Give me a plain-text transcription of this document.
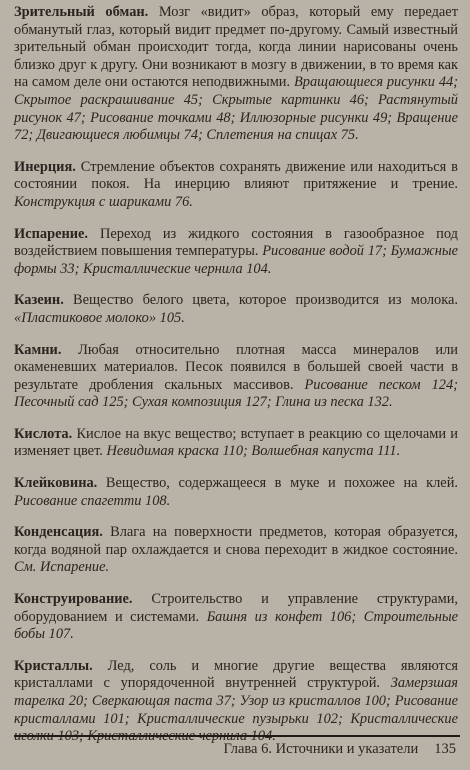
Зрительный обман. Мозг «видит» образ, который ему передает обманутый глаз, который видит предмет по-другому. Самый известный зрительный обман происходит тогда, когда линии нарисованы очень близко друг к другу. Они возникают в мозгу в движении, в то время как на самом деле они остаются неподвижными. Вращающиеся рисунки 44; Скрытое раскрашивание 45; Скрытые картинки 46; Растянутый рисунок 47; Рисование точками 48; Иллюзорные рисунки 49; Вращение 72; Двигающиеся любимцы 74; Сплетения на спицах 75.

Инерция. Стремление объектов сохранять движение или находиться в состоянии покоя. На инерцию влияют притяжение и трение. Конструкция с шариками 76.

Испарение. Переход из жидкого состояния в газообразное под воздействием повышения температуры. Рисование водой 17; Бумажные формы 33; Кристаллические чернила 104.

Казеин. Вещество белого цвета, которое производится из молока. «Пластиковое молоко» 105.

Камни. Любая относительно плотная масса минералов или окаменевших материалов. Песок появился в большей своей части в результате дробления скальных массивов. Рисование песком 124; Песочный сад 125; Сухая композиция 127; Глина из песка 132.

Кислота. Кислое на вкус вещество; вступает в реакцию со щелочами и изменяет цвет. Невидимая краска 110; Волшебная капуста 111.

Клейковина. Вещество, содержащееся в муке и похожее на клей. Рисование спагетти 108.

Конденсация. Влага на поверхности предметов, которая образуется, когда водяной пар охлаждается и снова переходит в жидкое состояние. См. Испарение.

Конструирование. Строительство и управление структурами, оборудованием и системами. Башня из конфет 106; Строительные бобы 107.

Кристаллы. Лед, соль и многие другие вещества являются кристаллами с упорядоченной внутренней структурой. Замерзшая тарелка 20; Сверкающая паста 37; Узор из кристаллов 100; Рисование кристаллами 101; Кристаллические пузырьки 102; Кристаллические иголки 103; Кристаллические чернила 104.

Глава 6. Источники и указатели 135
